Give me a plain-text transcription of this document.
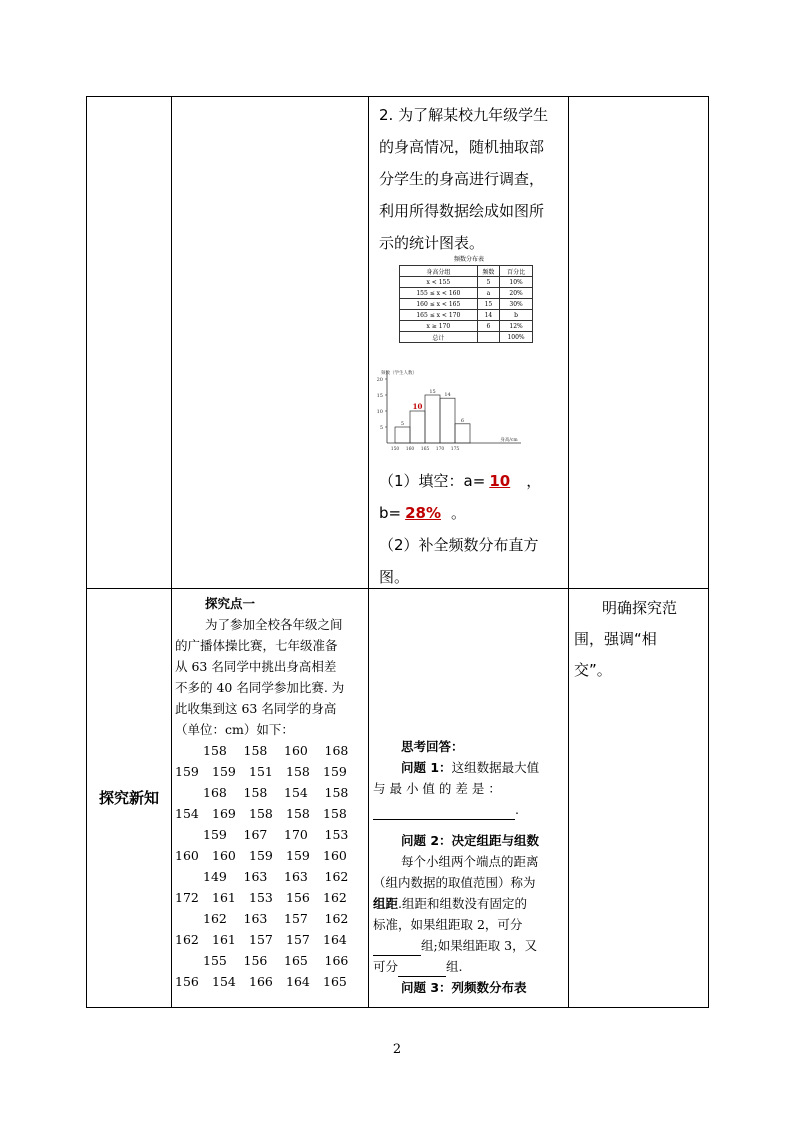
2. 为了解某校九年级学生

的身高情况，随机抽取部

分学生的身高进行调查，

利用所得数据绘成如图所

示的统计图表。

频数分布表
身高分组	频数	百分比
x < 155	5	10%
155 ≤ x < 160	a	20%
160 ≤ x < 165	15	30%
165 ≤ x < 170	14	b
x ≥ 170	6	12%
总计		100%
5
10
15
20
5
10
15
14
6
150 160 165 170 175
身高/cm
频数（学生人数）

（1）填空：a= 10 ，

b= 28% 。

（2）补全频数分布直方

图。

探究新知
探究点一
为了参加全校各年级之间
的广播体操比赛，七年级准备
从 63 名同学中挑出身高相差
不多的 40 名同学参加比赛. 为
此收集到这 63 名同学的身高
（单位：cm）如下：
158	158	160	168
159	159	151	158	159
168	158	154	158
154	169	158	158	158
159	167	170	153
160	160	159	159	160
149	163	163	162
172	161	153	156	162
162	163	157	162
162	161	157	157	164
155	156	165	166
156	154	166	164	165
思考回答：
问题 1：这组数据最大值
与 最 小 值 的 差 是 ：
.
问题 2：决定组距与组数
每个小组两个端点的距离
（组内数据的取值范围）称为
组距.组距和组数没有固定的
标准，如果组距取 2，可分
组;如果组距取 3，又
可分	组.
问题 3：列频数分布表
明确探究范
围，强调“相
交”。
2
